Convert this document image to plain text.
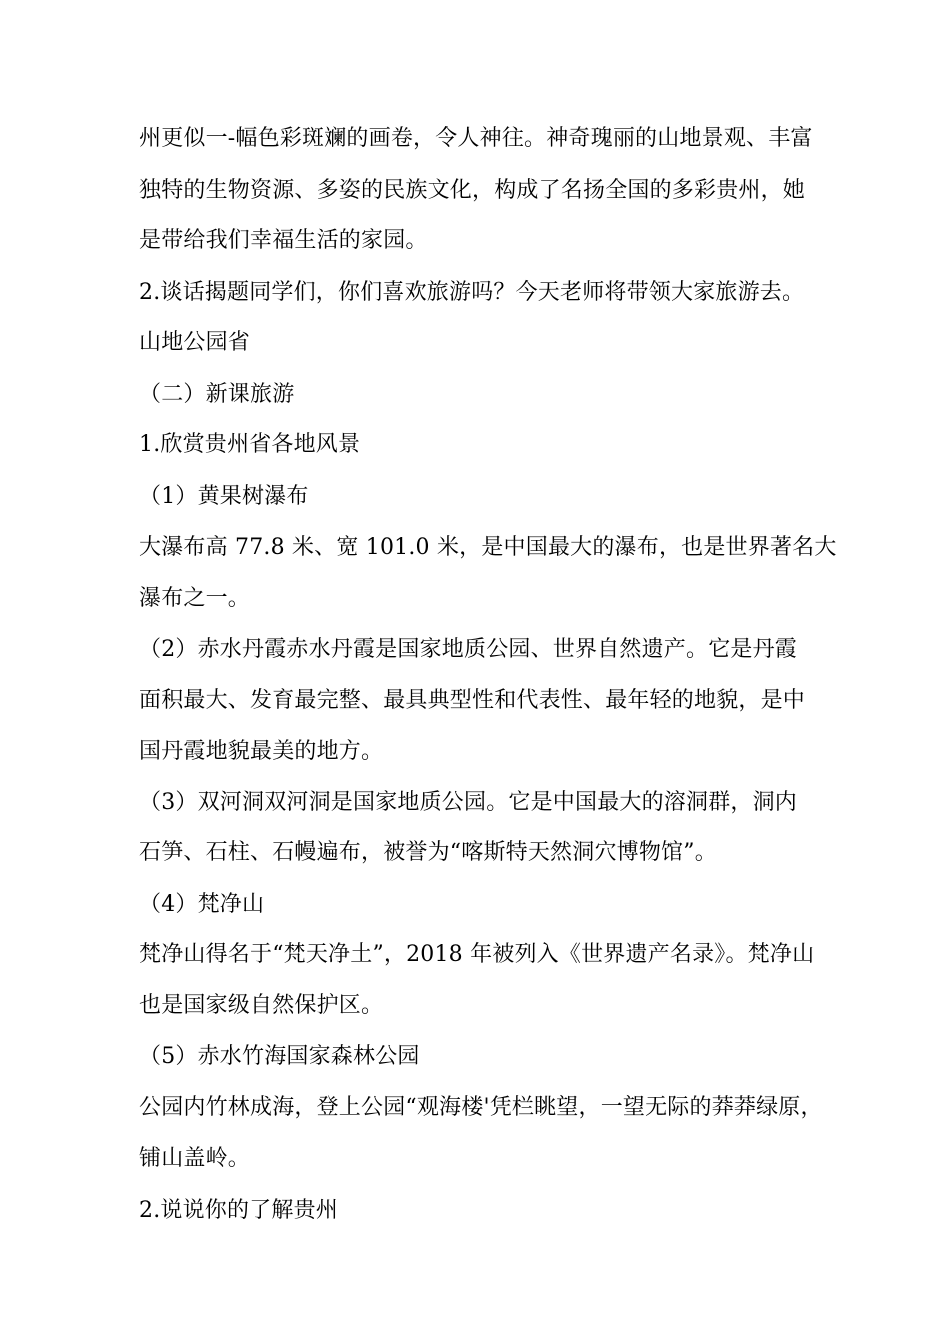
州更似一-幅色彩斑斓的画卷，令人神往。神奇瑰丽的山地景观、丰富
独特的生物资源、多姿的民族文化，构成了名扬全国的多彩贵州，她
是带给我们幸福生活的家园。
2.谈话揭题同学们，你们喜欢旅游吗？今天老师将带领大家旅游去。
山地公园省
（二）新课旅游
1.欣赏贵州省各地风景
（1）黄果树瀑布
大瀑布高 77.8 米、宽 101.0 米，是中国最大的瀑布，也是世界著名大
瀑布之一。
（2）赤水丹霞赤水丹霞是国家地质公园、世界自然遗产。它是丹霞
面积最大、发育最完整、最具典型性和代表性、最年轻的地貌，是中
国丹霞地貌最美的地方。
（3）双河洞双河洞是国家地质公园。它是中国最大的溶洞群，洞内
石笋、石柱、石幔遍布，被誉为“喀斯特天然洞穴博物馆”。
（4）梵净山
梵净山得名于“梵天净土”，2018 年被列入《世界遗产名录》。梵净山
也是国家级自然保护区。
（5）赤水竹海国家森林公园
公园内竹林成海，登上公园“观海楼'凭栏眺望，一望无际的莽莽绿原，
铺山盖岭。
2.说说你的了解贵州
